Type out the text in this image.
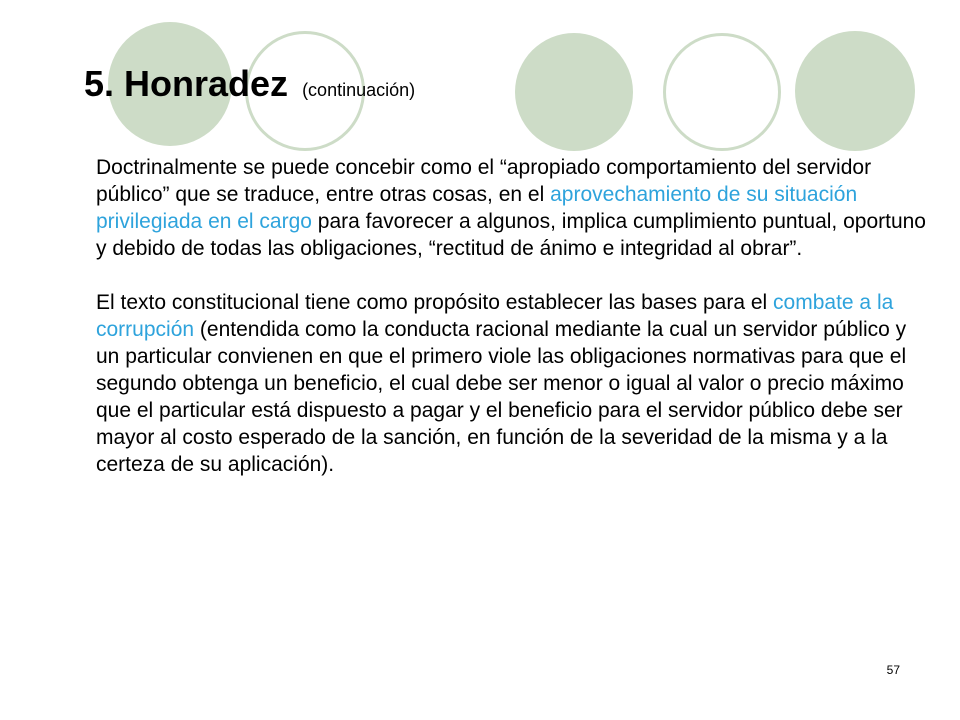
5. Honradez (continuación)

Doctrinalmente se puede concebir como el “apropiado comportamiento del servidor público” que se traduce, entre otras cosas, en el aprovechamiento de su situación privilegiada en el cargo para favorecer a algunos, implica cumplimiento puntual, oportuno y debido de todas las obligaciones, “rectitud de ánimo e integridad al obrar”.

El texto constitucional tiene como propósito establecer las bases para el combate a la corrupción (entendida como la conducta racional mediante la cual un servidor público y un particular convienen en que el primero viole las obligaciones normativas para que el segundo obtenga un beneficio, el cual debe ser menor o igual al valor o precio máximo que el particular está dispuesto a pagar y el beneficio para el servidor público debe ser mayor al costo esperado de la sanción, en función de la severidad de la misma y a la certeza de su aplicación).

57
